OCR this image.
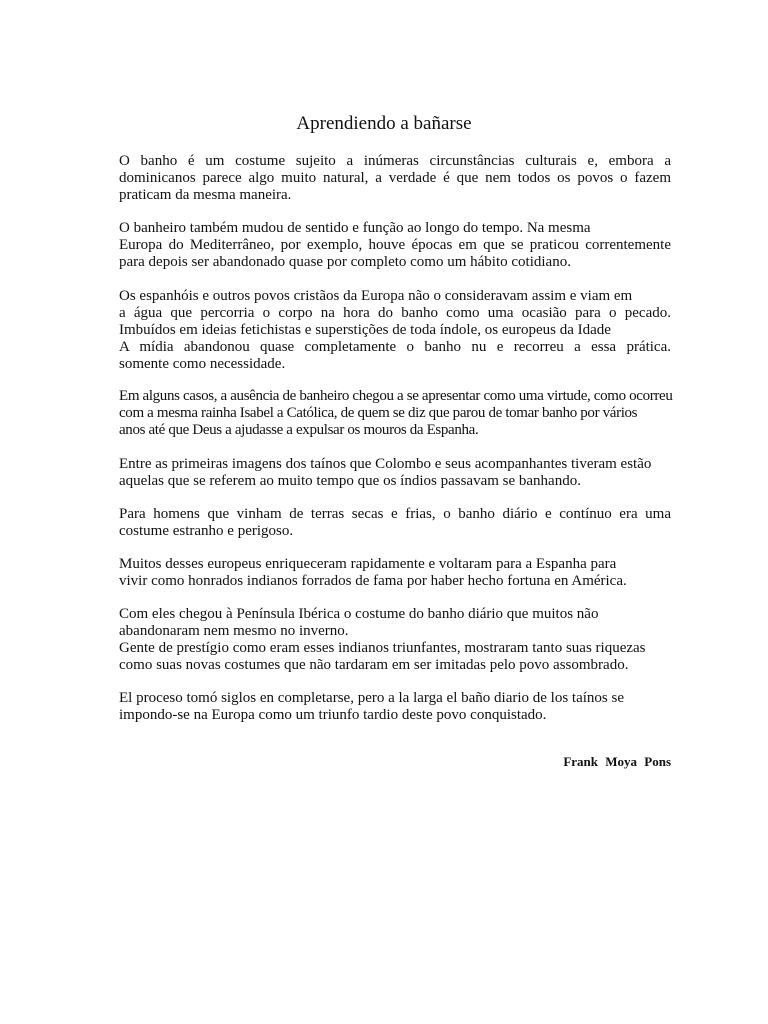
Aprendiendo a bañarse

O banho é um costume sujeito a inúmeras circunstâncias culturais e, embora a
dominicanos parece algo muito natural, a verdade é que nem todos os povos o fazem
praticam da mesma maneira.

O banheiro também mudou de sentido e função ao longo do tempo. Na mesma
Europa do Mediterrâneo, por exemplo, houve épocas em que se praticou correntemente
para depois ser abandonado quase por completo como um hábito cotidiano.

Os espanhóis e outros povos cristãos da Europa não o consideravam assim e viam em
a água que percorria o corpo na hora do banho como uma ocasião para o pecado.
Imbuídos em ideias fetichistas e superstições de toda índole, os europeus da Idade
A mídia abandonou quase completamente o banho nu e recorreu a essa prática.
somente como necessidade.

Em alguns casos, a ausência de banheiro chegou a se apresentar como uma virtude, como ocorreu
com a mesma rainha Isabel a Católica, de quem se diz que parou de tomar banho por vários
anos até que Deus a ajudasse a expulsar os mouros da Espanha.

Entre as primeiras imagens dos taínos que Colombo e seus acompanhantes tiveram estão
aquelas que se referem ao muito tempo que os índios passavam se banhando.

Para homens que vinham de terras secas e frias, o banho diário e contínuo era uma
costume estranho e perigoso.

Muitos desses europeus enriqueceram rapidamente e voltaram para a Espanha para
vivir como honrados indianos forrados de fama por haber hecho fortuna en América.

Com eles chegou à Península Ibérica o costume do banho diário que muitos não
abandonaram nem mesmo no inverno.
Gente de prestígio como eram esses indianos triunfantes, mostraram tanto suas riquezas
como suas novas costumes que não tardaram em ser imitadas pelo povo assombrado.

El proceso tomó siglos en completarse, pero a la larga el baño diario de los taínos se
impondo-se na Europa como um triunfo tardio deste povo conquistado.

Frank Moya Pons
